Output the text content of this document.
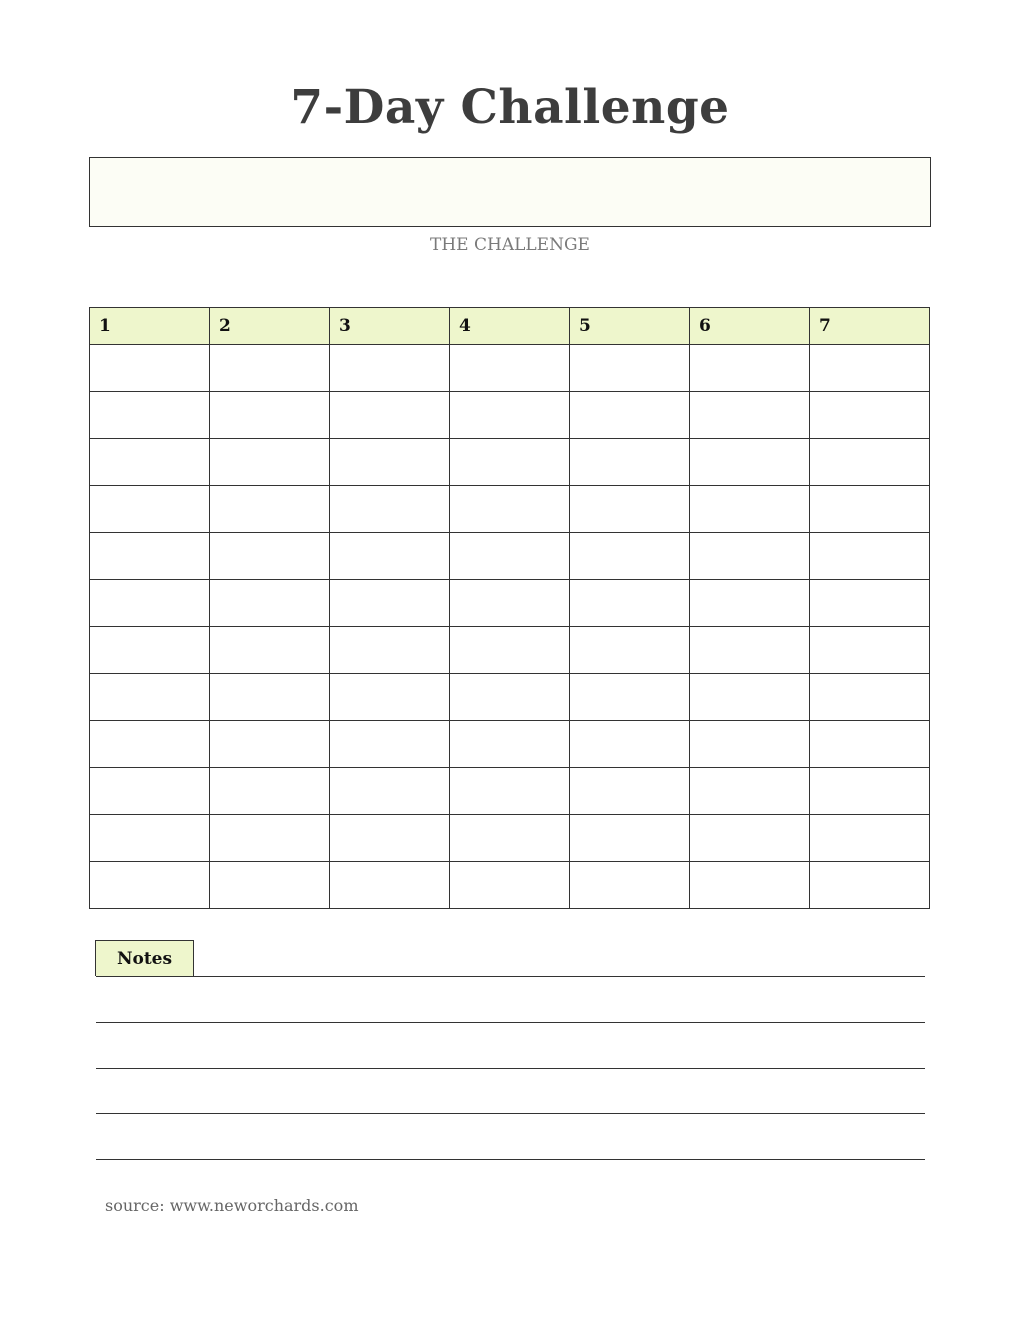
7-Day Challenge
THE CHALLENGE
1	2	3	4	5	6	7

Notes
source: www.neworchards.com
